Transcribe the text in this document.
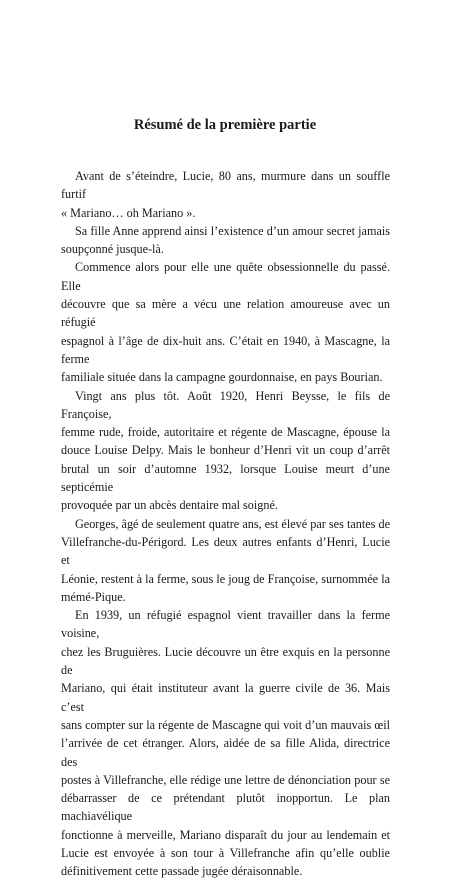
Résumé de la première partie

Avant de s’éteindre, Lucie, 80 ans, murmure dans un souffle furtif
« Mariano… oh Mariano ».

Sa fille Anne apprend ainsi l’existence d’un amour secret jamais
soupçonné jusque-là.

Commence alors pour elle une quête obsessionnelle du passé. Elle
découvre que sa mère a vécu une relation amoureuse avec un réfugié
espagnol à l’âge de dix-huit ans. C’était en 1940, à Mascagne, la ferme
familiale située dans la campagne gourdonnaise, en pays Bourian.

Vingt ans plus tôt. Août 1920, Henri Beysse, le fils de Françoise,
femme rude, froide, autoritaire et régente de Mascagne, épouse la
douce Louise Delpy. Mais le bonheur d’Henri vit un coup d’arrêt
brutal un soir d’automne 1932, lorsque Louise meurt d’une septicémie
provoquée par un abcès dentaire mal soigné.

Georges, âgé de seulement quatre ans, est élevé par ses tantes de
Villefranche-du-Périgord. Les deux autres enfants d’Henri, Lucie et
Léonie, restent à la ferme, sous le joug de Françoise, surnommée la
mémé-Pique.

En 1939, un réfugié espagnol vient travailler dans la ferme voisine,
chez les Bruguières. Lucie découvre un être exquis en la personne de
Mariano, qui était instituteur avant la guerre civile de 36. Mais c’est
sans compter sur la régente de Mascagne qui voit d’un mauvais œil
l’arrivée de cet étranger. Alors, aidée de sa fille Alida, directrice des
postes à Villefranche, elle rédige une lettre de dénonciation pour se
débarrasser de ce prétendant plutôt inopportun. Le plan machiavélique
fonctionne à merveille, Mariano disparaît du jour au lendemain et
Lucie est envoyée à son tour à Villefranche afin qu’elle oublie
définitivement cette passade jugée déraisonnable.
